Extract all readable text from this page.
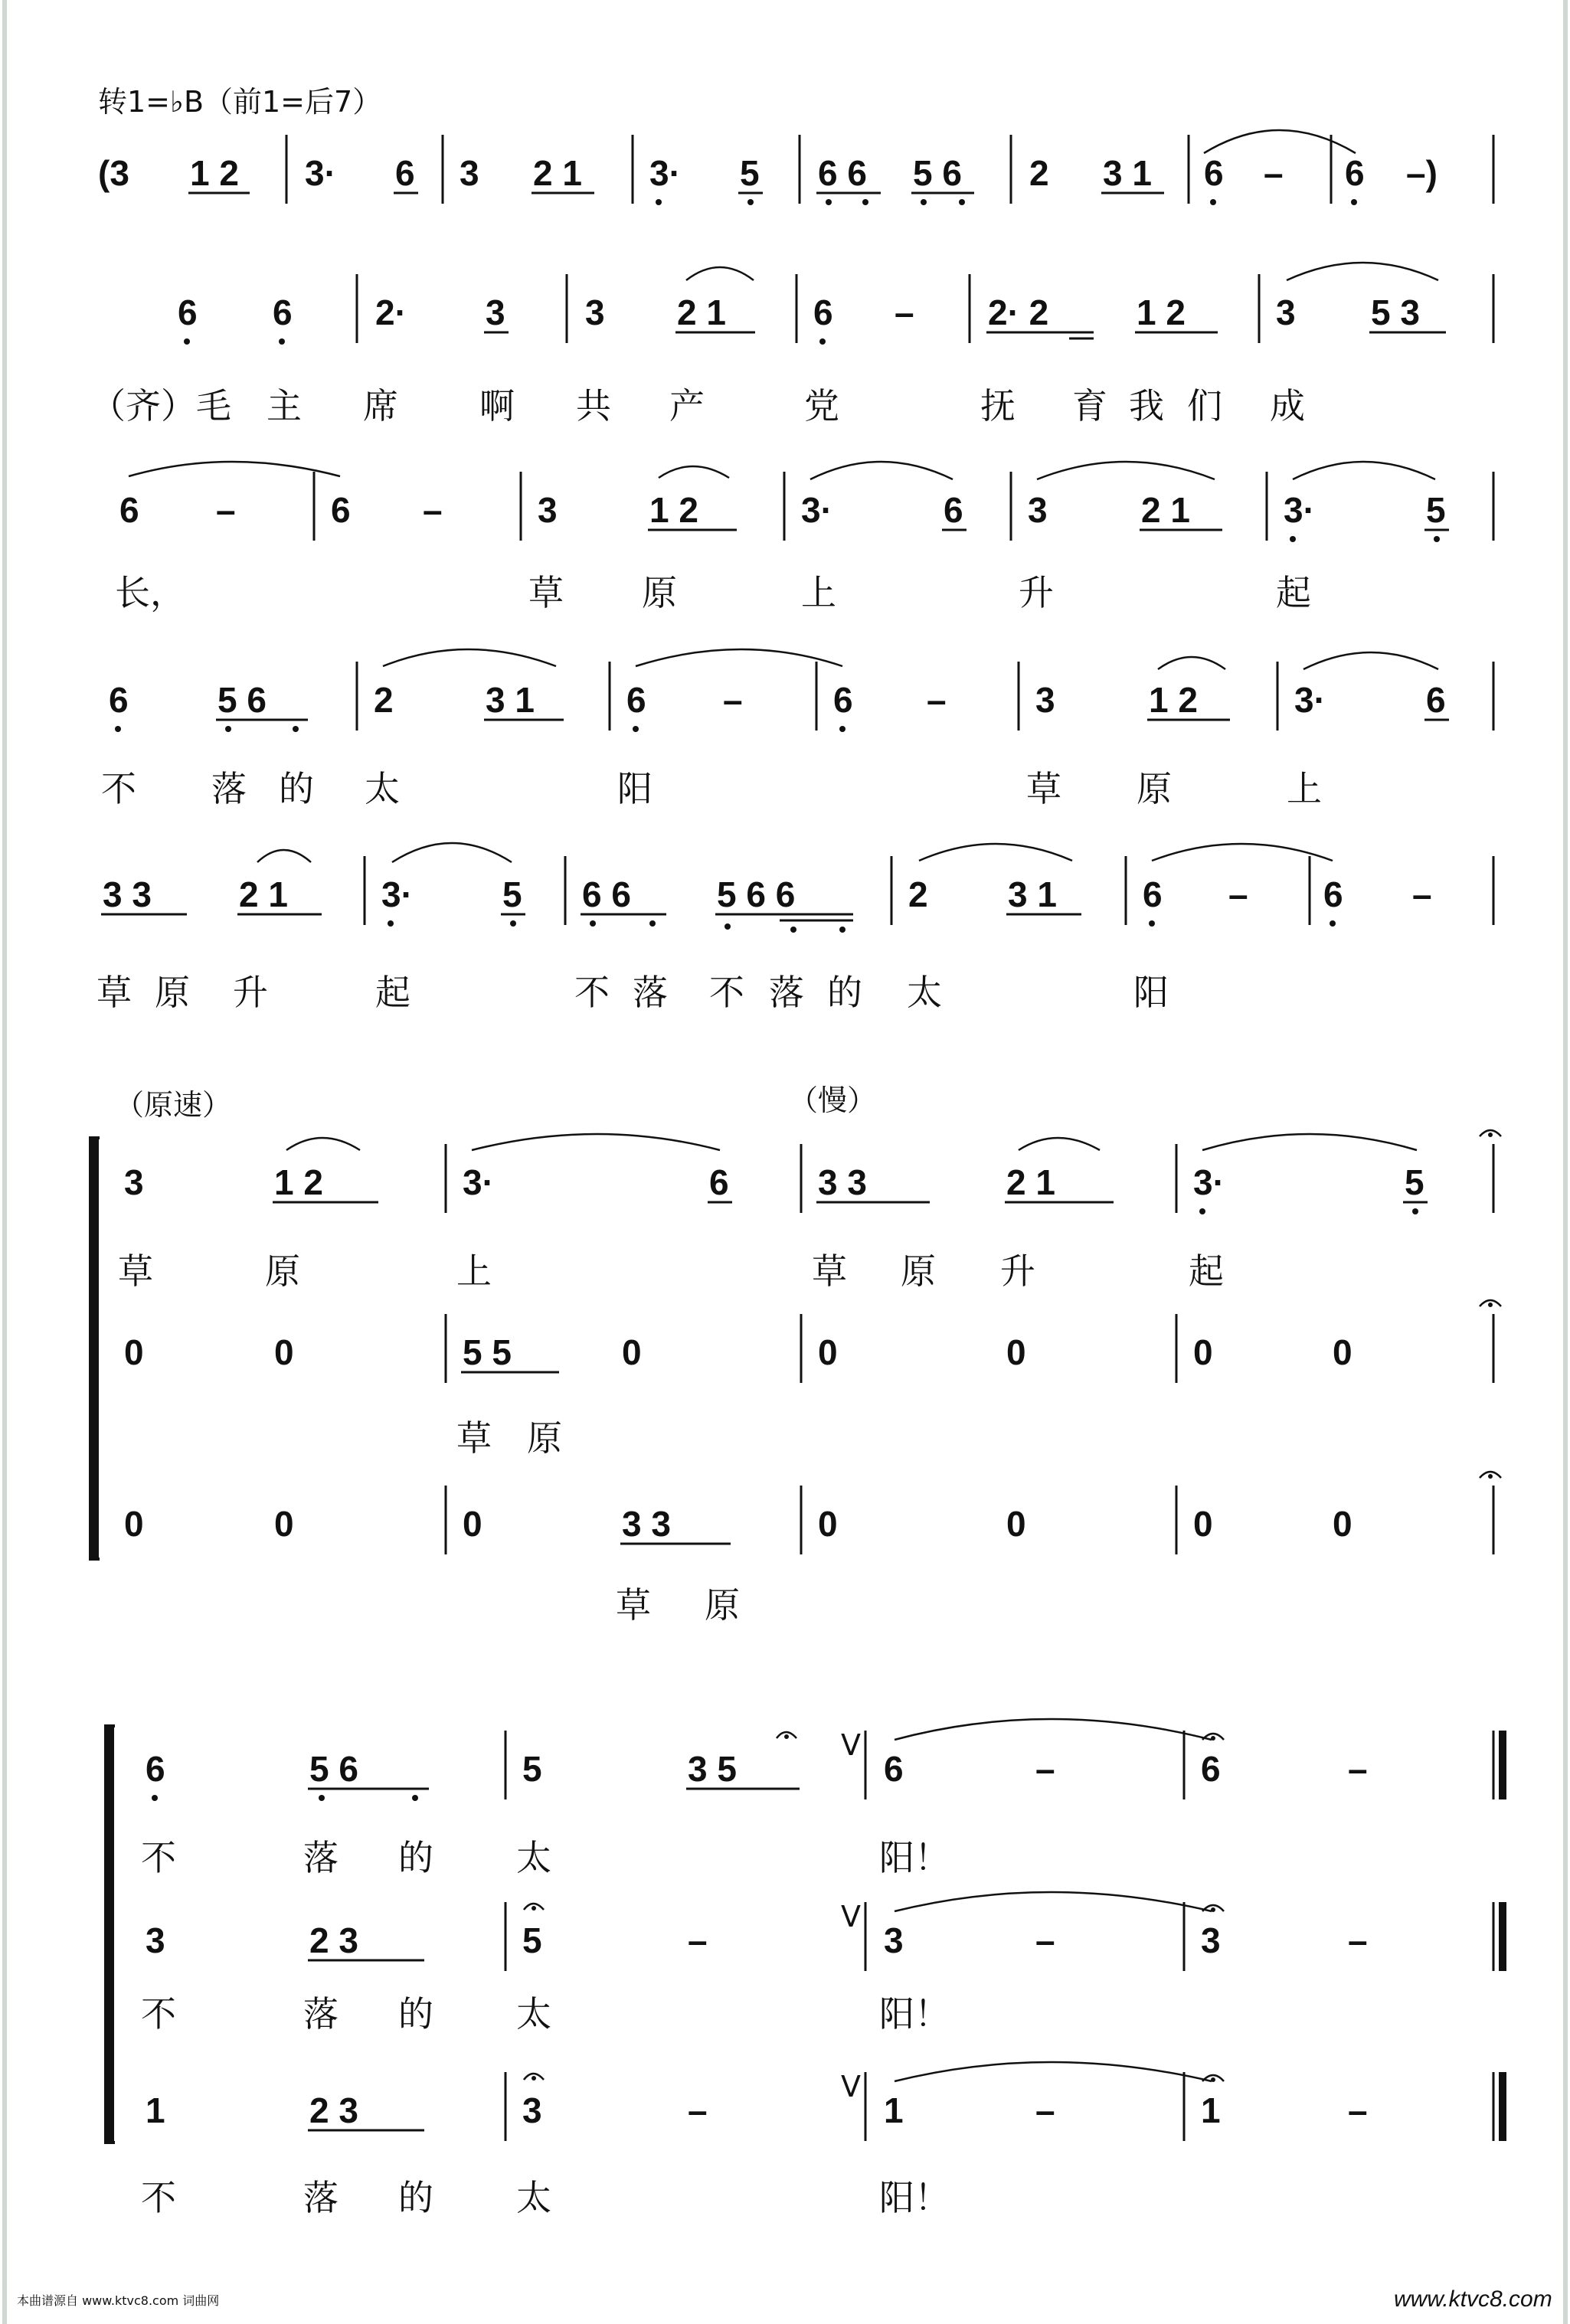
转1=♭B（前1=后7）
(3 1 2 3· 6 3 2 1 3· 5 6 6 5 6 2 3 1 6 – 6 –)
6 6 2· 3 3 2 1 6 – 2· 2 1 2	3 5 3
（齐）毛 主 席 啊 共 产	党	抚 育 我 们 成
6 –	6 –	3	1 2	3·	6 3	2 1	3·	5
长，	草 原	上	升	起
6	5 6	2	3 1	6 –	6 –	3	1 2	3·	6
不 落 的 太	阳	草 原	上
3 3 2 1	3·	5 6 6 5 6 6	2 3 1 6 – 6 –
草 原 升	起	不 落 不 落 的 太	阳
（原速）	（慢）
3	1 2	3·	6	3 3	2 1	3·	5
草	原	上	草 原 升	起
0	0	5 5	0	0	0	0	0
草 原
0	0	0	3 3	0	0	0	0
草 原
6	5 6	5	3 5
V
6	–	6	–
不	落 的 太	阳！
3	2 3	5	–
V
3	–	3	–
不	落 的 太	阳！
1	2 3	3	–
V
1	–	1	–
不	落 的 太	阳！
本曲谱源自 www.ktvc8.com 词曲网	www.ktvc8.com
